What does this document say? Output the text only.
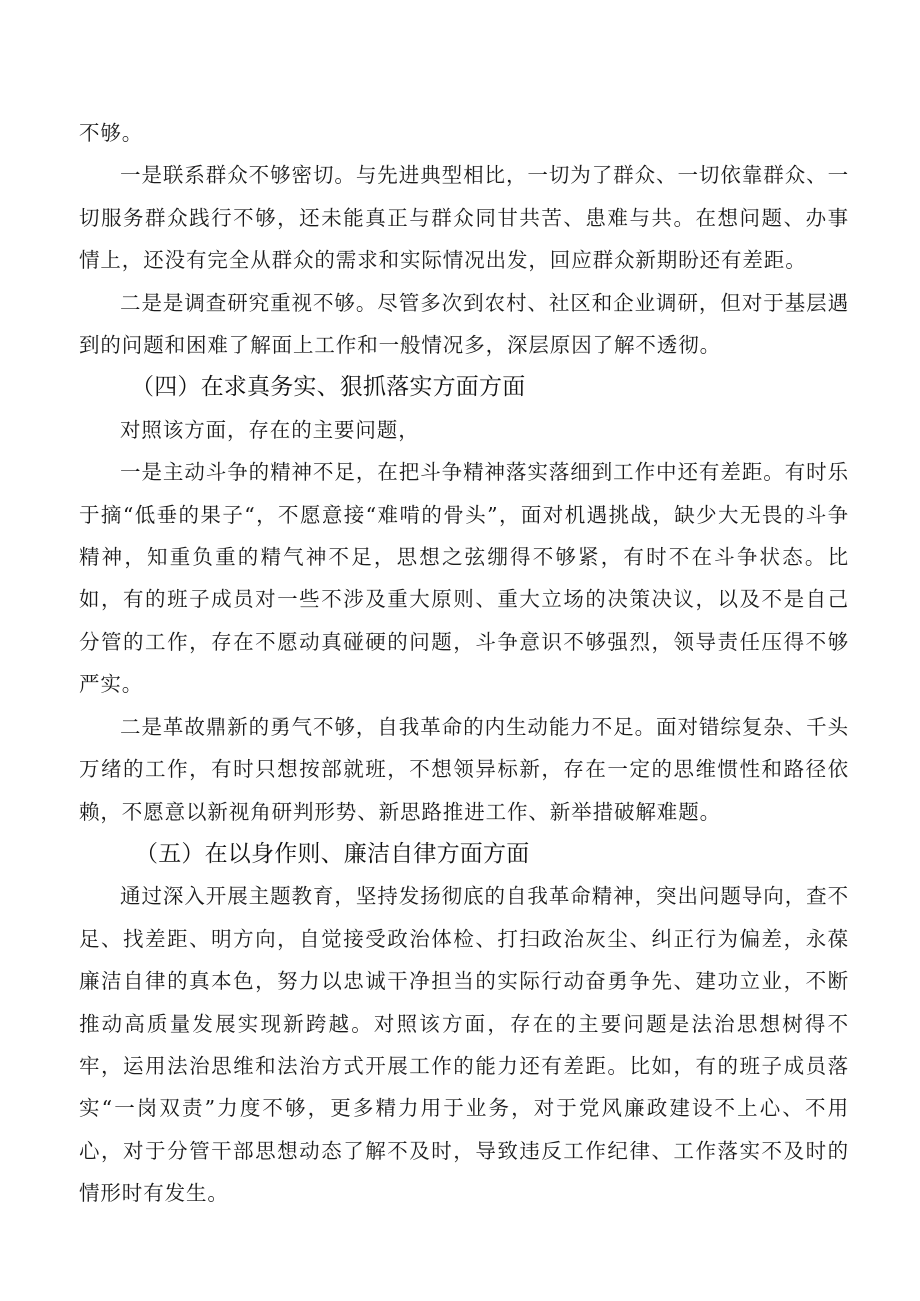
不够。

一是联系群众不够密切。与先进典型相比，一切为了群众、一切依靠群众、一切服务群众践行不够，还未能真正与群众同甘共苦、患难与共。在想问题、办事情上，还没有完全从群众的需求和实际情况出发，回应群众新期盼还有差距。

二是是调查研究重视不够。尽管多次到农村、社区和企业调研，但对于基层遇到的问题和困难了解面上工作和一般情况多，深层原因了解不透彻。

（四）在求真务实、狠抓落实方面方面

对照该方面，存在的主要问题，

一是主动斗争的精神不足，在把斗争精神落实落细到工作中还有差距。有时乐于摘“低垂的果子“，不愿意接“难啃的骨头”，面对机遇挑战，缺少大无畏的斗争精神，知重负重的精气神不足，思想之弦绷得不够紧，有时不在斗争状态。比如，有的班子成员对一些不涉及重大原则、重大立场的决策决议，以及不是自己分管的工作，存在不愿动真碰硬的问题，斗争意识不够强烈，领导责任压得不够严实。

二是革故鼎新的勇气不够，自我革命的内生动能力不足。面对错综复杂、千头万绪的工作，有时只想按部就班，不想领异标新，存在一定的思维惯性和路径依赖，不愿意以新视角研判形势、新思路推进工作、新举措破解难题。

（五）在以身作则、廉洁自律方面方面

通过深入开展主题教育，坚持发扬彻底的自我革命精神，突出问题导向，查不足、找差距、明方向，自觉接受政治体检、打扫政治灰尘、纠正行为偏差，永葆廉洁自律的真本色，努力以忠诚干净担当的实际行动奋勇争先、建功立业，不断推动高质量发展实现新跨越。对照该方面，存在的主要问题是法治思想树得不牢，运用法治思维和法治方式开展工作的能力还有差距。比如，有的班子成员落实“一岗双责”力度不够，更多精力用于业务，对于党风廉政建设不上心、不用心，对于分管干部思想动态了解不及时，导致违反工作纪律、工作落实不及时的情形时有发生。
